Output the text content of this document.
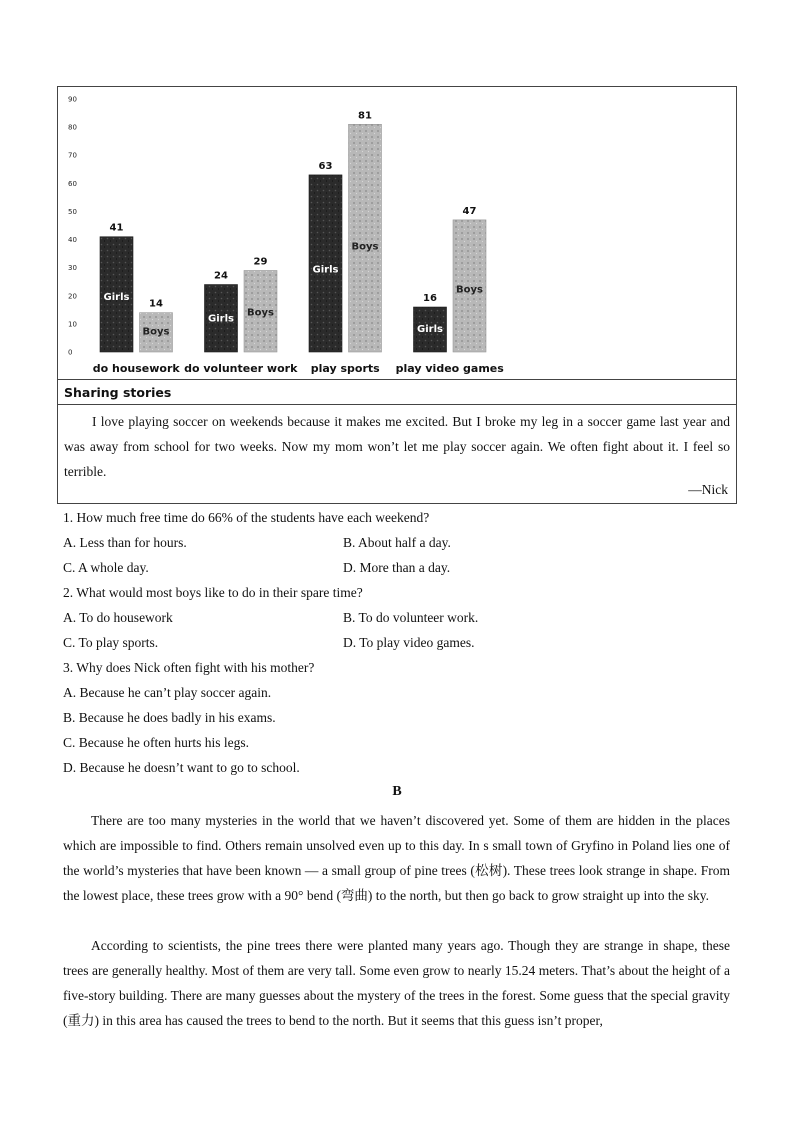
0
10
20
30
40
50
60
70
80
90
41
Girls
14
Boys
do housework
24
Girls
29
Boys
do volunteer work
63
Girls
81
Boys
play sports
16
Girls
47
Boys
play video games
Sharing stories
I love playing soccer on weekends because it makes me excited. But I broke my leg in a soccer game last year and was away from school for two weeks. Now my mom won’t let me play soccer again. We often fight about it. I feel so terrible.
—Nick
1. How much free time do 66% of the students have each weekend?
A. Less than for hours.	B. About half a day.
C. A whole day.	D. More than a day.
2. What would most boys like to do in their spare time?
A. To do housework	B. To do volunteer work.
C. To play sports.	D. To play video games.
3. Why does Nick often fight with his mother?
A. Because he can’t play soccer again.
B. Because he does badly in his exams.
C. Because he often hurts his legs.
D. Because he doesn’t want to go to school.
B
There are too many mysteries in the world that we haven’t discovered yet. Some of them are hidden in the places which are impossible to find. Others remain unsolved even up to this day. In s small town of Gryfino in Poland lies one of the world’s mysteries that have been known — a small group of pine trees (松树). These trees look strange in shape. From the lowest place, these trees grow with a 90° bend (弯曲) to the north, but then go back to grow straight up into the sky.
According to scientists, the pine trees there were planted many years ago. Though they are strange in shape, these trees are generally healthy. Most of them are very tall. Some even grow to nearly 15.24 meters. That’s about the height of a five-story building. There are many guesses about the mystery of the trees in the forest. Some guess that the special gravity (重力) in this area has caused the trees to bend to the north. But it seems that this guess isn’t proper,
